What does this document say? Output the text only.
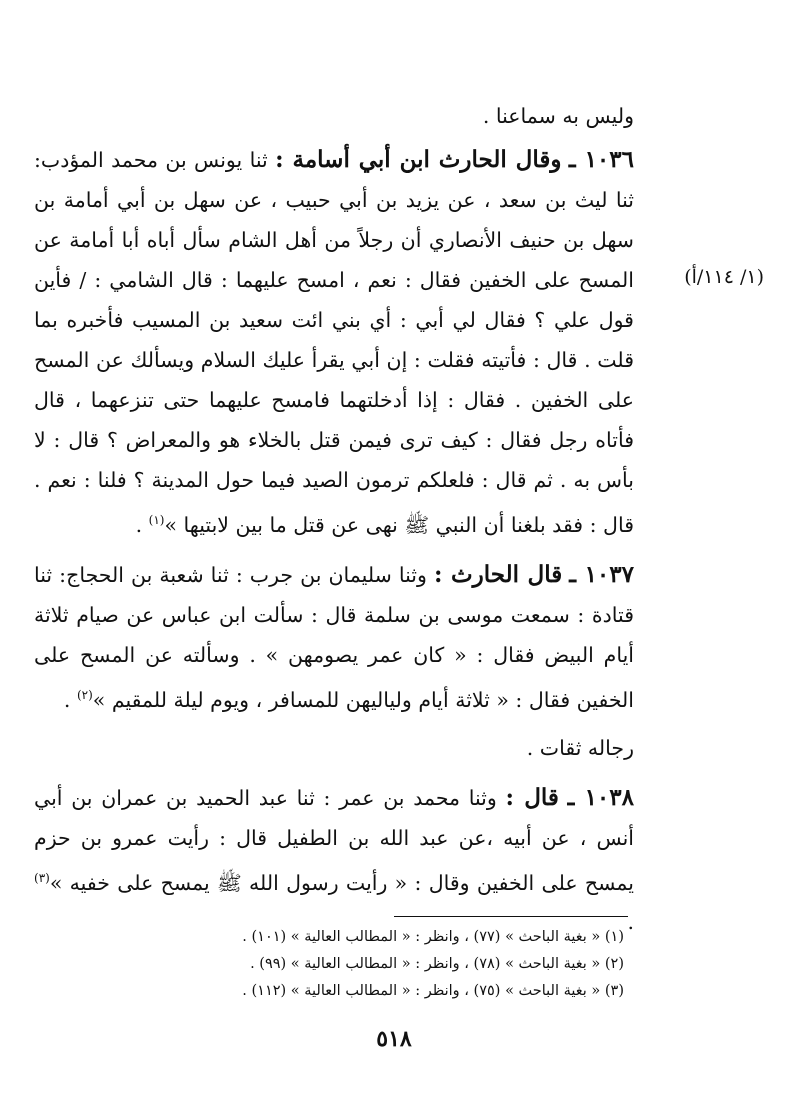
وليس به سماعنا .

١٠٣٦ ـ وقال الحارث ابن أبي أسامة : ثنا يونس بن محمد المؤدب: ثنا ليث بن سعد ، عن يزيد بن أبي حبيب ، عن سهل بن أبي أمامة بن سهل بن حنيف الأنصاري أن رجلاً من أهل الشام سأل أباه أبا أمامة عن المسح على الخفين فقال : نعم ، امسح عليهما : قال الشامي : / فأين قول علي ؟ فقال لي أبي : أي بني ائت سعيد بن المسيب فأخبره بما قلت . قال : فأتيته فقلت : إن أبي يقرأ عليك السلام ويسألك عن المسح على الخفين . فقال : إذا أدخلتهما فامسح عليهما حتى تنزعهما ، قال فأتاه رجل فقال : كيف ترى فيمن قتل بالخلاء هو والمعراض ؟ قال : لا بأس به . ثم قال : فلعلكم ترمون الصيد فيما حول المدينة ؟ فلنا : نعم . قال : فقد بلغنا أن النبي ﷺ نهى عن قتل ما بين لابتيها »$^{(١)}$ .

١٠٣٧ ـ قال الحارث : وثنا سليمان بن جرب : ثنا شعبة بن الحجاج: ثنا قتادة : سمعت موسى بن سلمة قال : سألت ابن عباس عن صيام ثلاثة أيام البيض فقال : « كان عمر يصومهن » . وسألته عن المسح على الخفين فقال : « ثلاثة أيام ولياليهن للمسافر ، ويوم ليلة للمقيم »$^{(٢)}$ .

رجاله ثقات .

١٠٣٨ ـ قال : وثنا محمد بن عمر : ثنا عبد الحميد بن عمران بن أبي أنس ، عن أبيه ،عن عبد الله بن الطفيل قال : رأيت عمرو بن حزم يمسح على الخفين وقال : « رأيت رسول الله ﷺ يمسح على خفيه »$^{(٣)}$ .

(١/ ١١٤/أ)
(١) « بغية الباحث » (٧٧) ، وانظر : « المطالب العالية » (١٠١) .
(٢) « بغية الباحث » (٧٨) ، وانظر : « المطالب العالية » (٩٩) .
(٣) « بغية الباحث » (٧٥) ، وانظر : « المطالب العالية » (١١٢) .
٥١٨
